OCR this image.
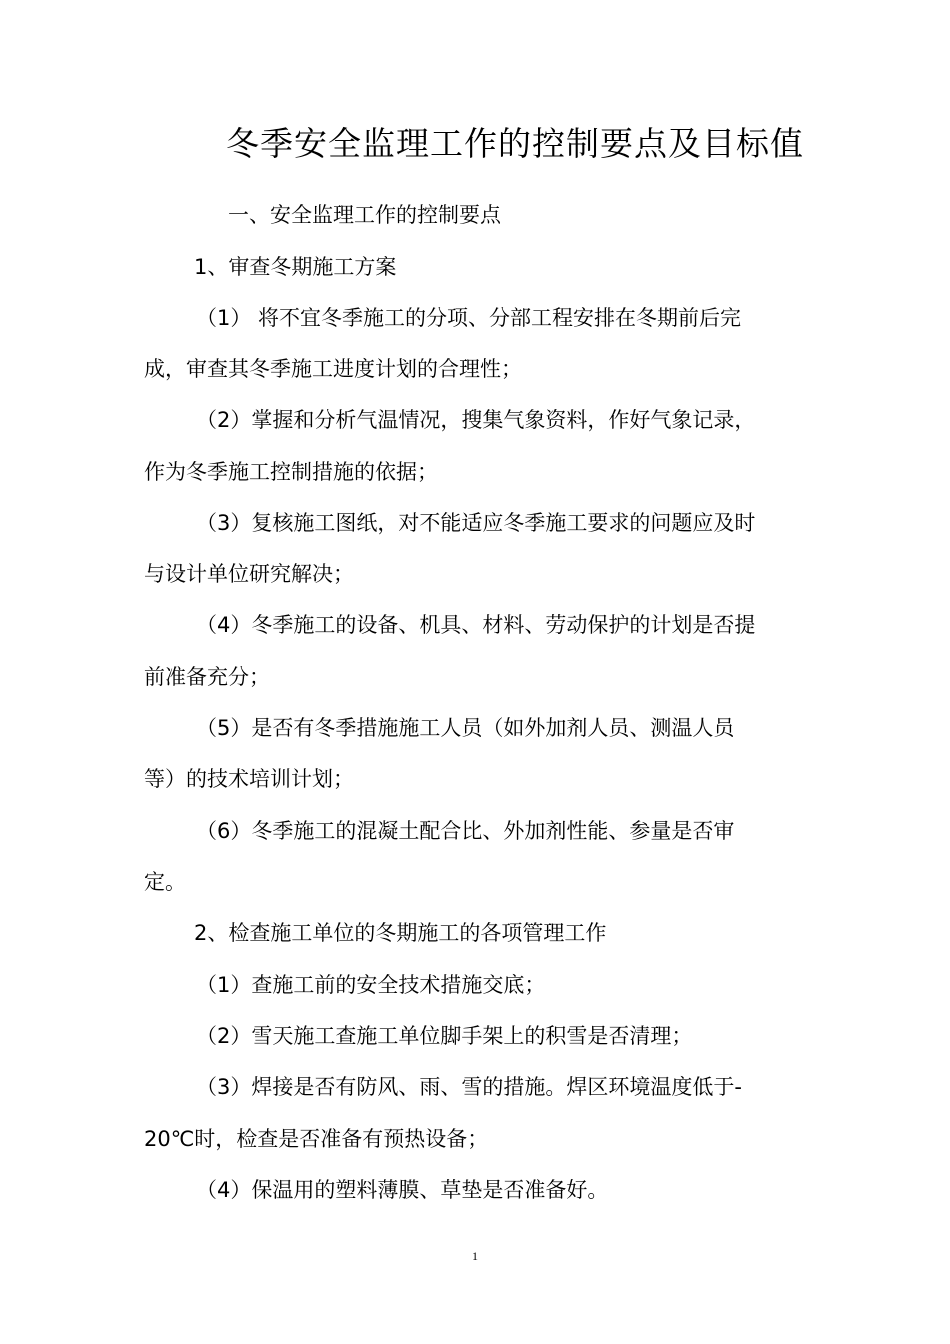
冬季安全监理工作的控制要点及目标值
一、安全监理工作的控制要点
1、审查冬期施工方案
（1） 将不宜冬季施工的分项、分部工程安排在冬期前后完
成，审查其冬季施工进度计划的合理性；
（2）掌握和分析气温情况，搜集气象资料，作好气象记录，
作为冬季施工控制措施的依据；
（3）复核施工图纸，对不能适应冬季施工要求的问题应及时
与设计单位研究解决；
（4）冬季施工的设备、机具、材料、劳动保护的计划是否提
前准备充分；
（5）是否有冬季措施施工人员（如外加剂人员、测温人员
等）的技术培训计划；
（6）冬季施工的混凝土配合比、外加剂性能、参量是否审
定。
2、检查施工单位的冬期施工的各项管理工作
（1）查施工前的安全技术措施交底；
（2）雪天施工查施工单位脚手架上的积雪是否清理；
（3）焊接是否有防风、雨、雪的措施。焊区环境温度低于-
20℃时，检查是否准备有预热设备；
（4）保温用的塑料薄膜、草垫是否准备好。
1
